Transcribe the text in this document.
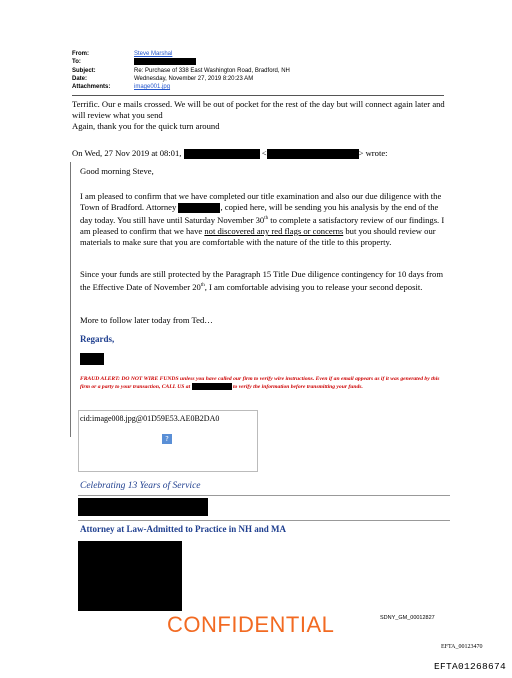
From:	Steve Marshal
To:
Subject:	Re: Purchase of 338 East Washington Road, Bradford, NH
Date:	Wednesday, November 27, 2019 8:20:23 AM
Attachments:	image001.jpg
Terrific. Our e mails crossed. We will be out of pocket for the rest of the day but will connect again later and will review what you send
Again, thank you for the quick turn around
On Wed, 27 Nov 2019 at 08:01,	<	> wrote:
Good morning Steve,
I am pleased to confirm that we have completed our title examination and also our due diligence with the Town of Bradford. Attorney	, copied here, will be sending you his analysis by the end of the day today. You still have until Saturday November 30th to complete a satisfactory review of our findings. I am pleased to confirm that we have not discovered any red flags or concerns but you should review our materials to make sure that you are comfortable with the nature of the title to this property.
Since your funds are still protected by the Paragraph 15 Title Due diligence contingency for 10 days from the Effective Date of November 20th, I am comfortable advising you to release your second deposit.
More to follow later today from Ted…
Regards,
FRAUD ALERT: DO NOT WIRE FUNDS unless you have called our firm to verify wire instructions. Even if an email appears as if it was generated by this firm or a party to your transaction, CALL US at	to verify the information before transmitting your funds.
cid:image008.jpg@01D59E53.AE0B2DA0
?
Celebrating 13 Years of Service
Attorney at Law-Admitted to Practice in NH and MA
CONFIDENTIAL	SDNY_GM_00012827
EFTA_00123470
EFTA01268674
